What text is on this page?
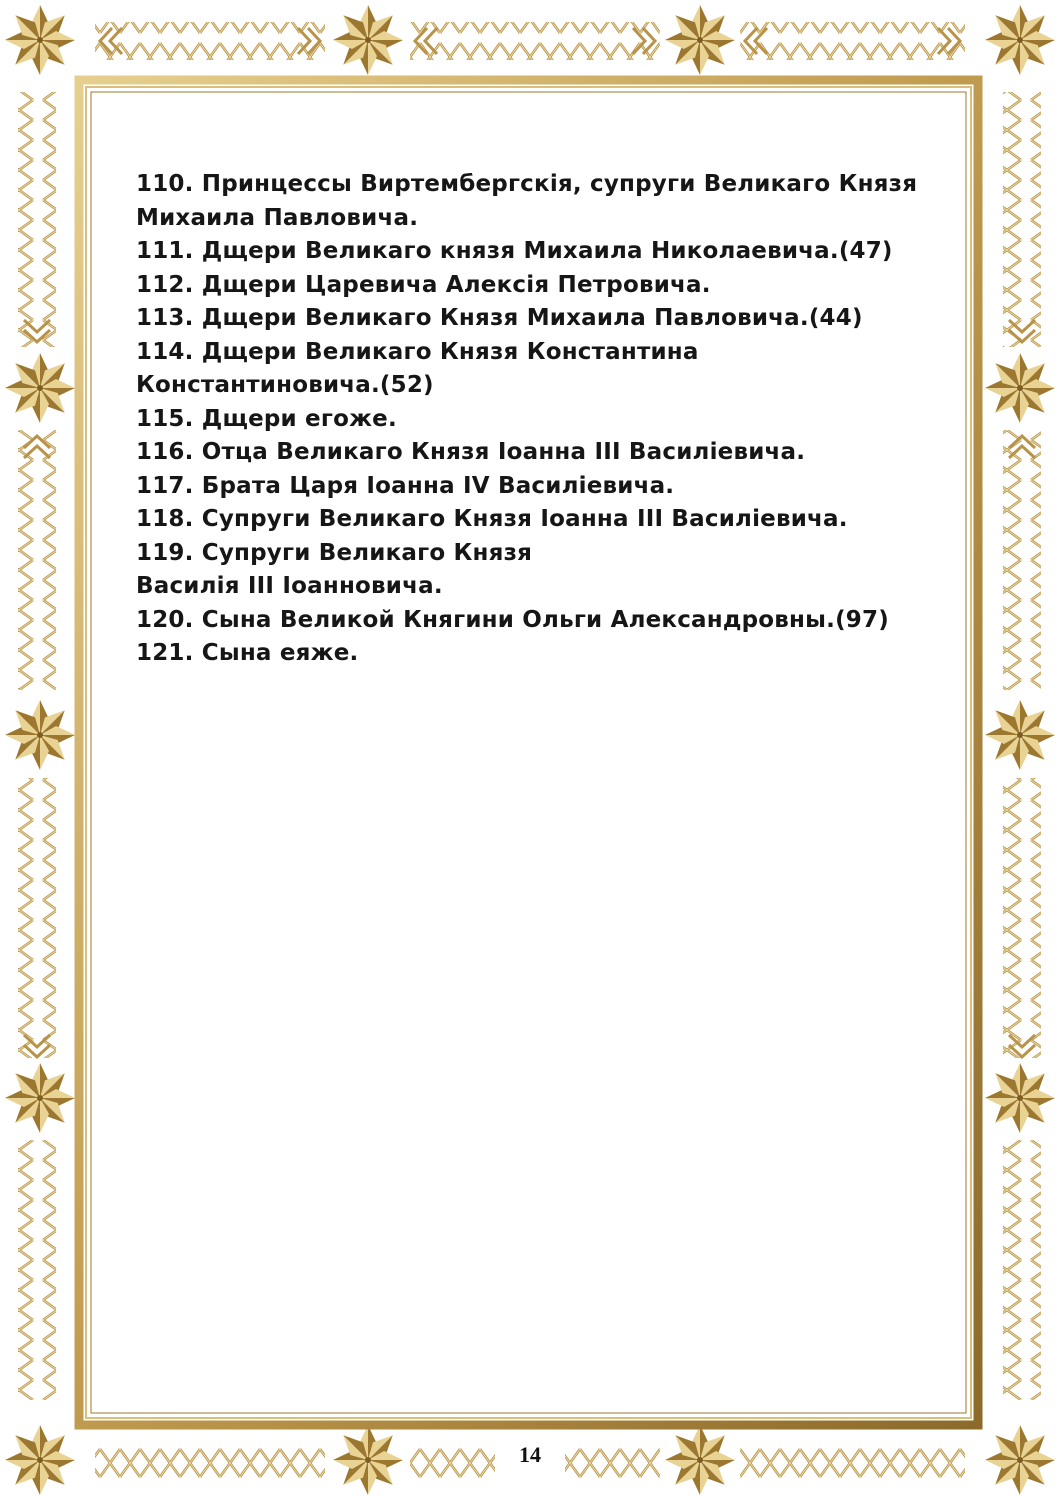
110. Принцессы Виртембергскія, супруги Великаго Князя
Михаила Павловича.
111. Дщери Великаго князя Михаила Николаевича.(47)
112. Дщери Царевича Алексія Петровича.
113. Дщери Великаго Князя Михаила Павловича.(44)
114. Дщери Великаго Князя Константина
Константиновича.(52)
115. Дщери егоже.
116. Отца Великаго Князя Іоанна III Василіевича.
117. Брата Царя Іоанна IV Василіевича.
118. Супруги Великаго Князя Іоанна III Василіевича.
119. Супруги Великаго Князя
Василія III Іоанновича.
120. Сына Великой Княгини Ольги Александровны.(97)
121. Сына еяже.
14
